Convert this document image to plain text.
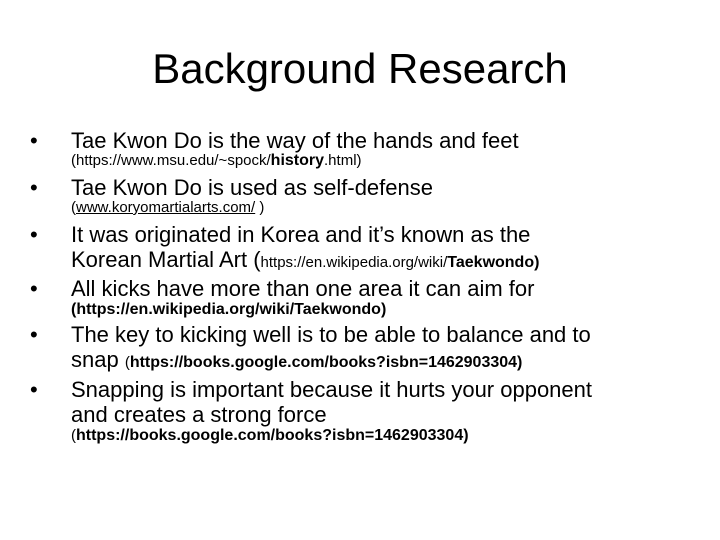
Background Research
• Tae Kwon Do is the way of the hands and feet
(https://www.msu.edu/~spock/history.html)
• Tae Kwon Do is used as self-defense
(www.koryomartialarts.com/ )
• It was originated in Korea and it’s known as the
Korean Martial Art (https://en.wikipedia.org/wiki/Taekwondo)
• All kicks have more than one area it can aim for
(https://en.wikipedia.org/wiki/Taekwondo)
• The key to kicking well is to be able to balance and to
snap (https://books.google.com/books?isbn=1462903304)
• Snapping is important because it hurts your opponent
and creates a strong force
(https://books.google.com/books?isbn=1462903304)
